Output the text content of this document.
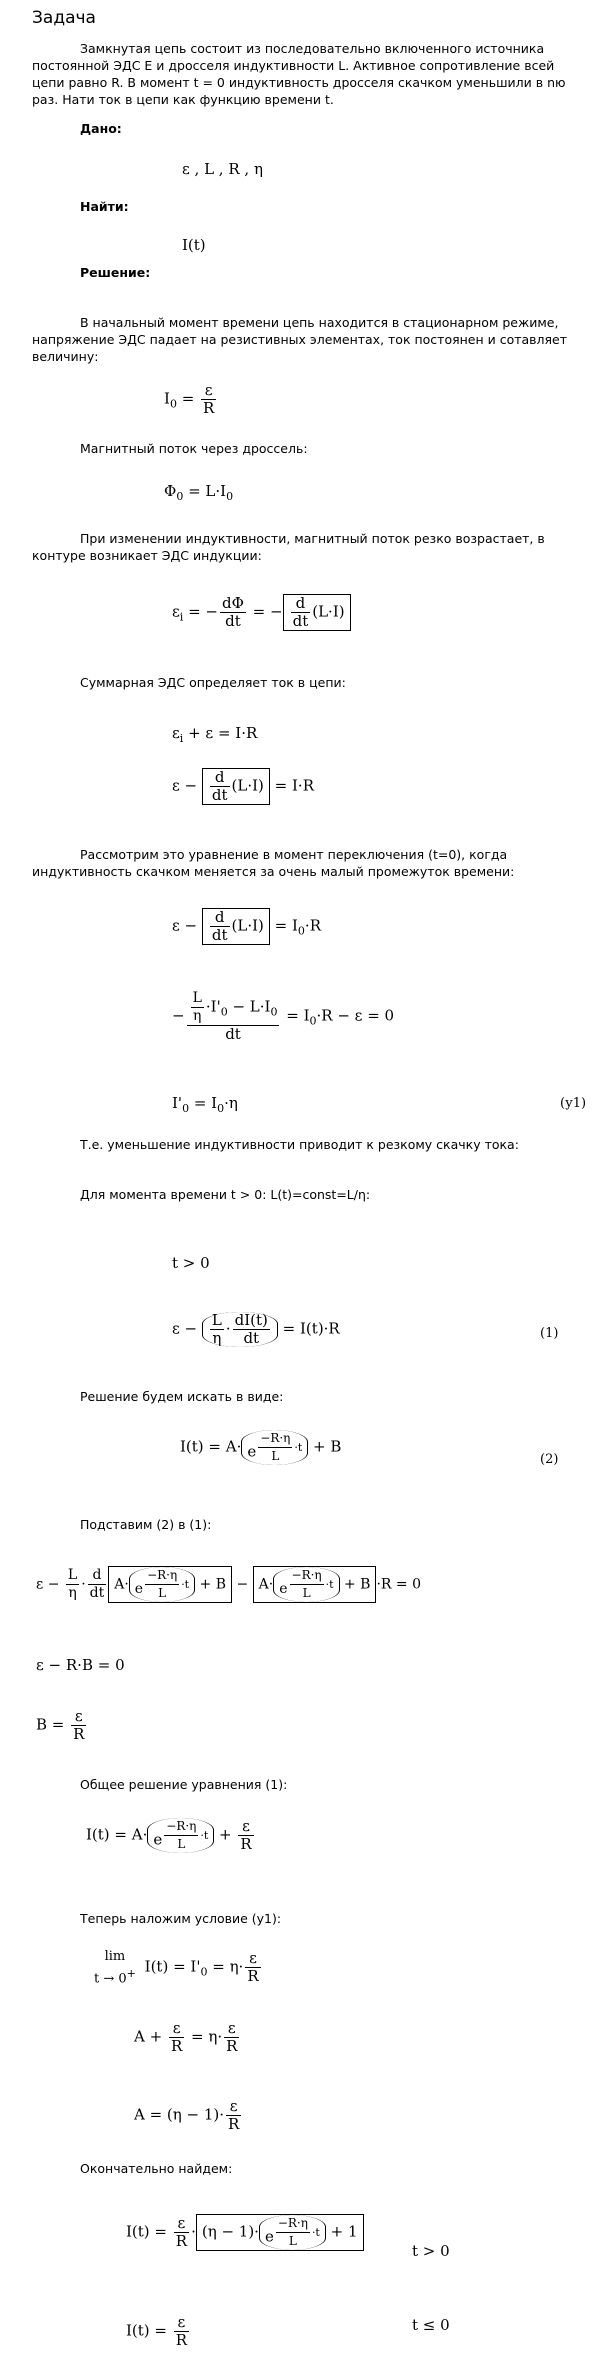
Задача
Замкнутая цепь состоит из последовательно включенного источника постоянной ЭДС E и дросселя индуктивности L. Активное сопротивление всей цепи равно R. В момент t = 0 индуктивность дросселя скачком уменьшили в nю раз. Нати ток в цепи как функцию времени t.
Дано:
ε , L , R , η
Найти:
I(t)
Решение:
В начальный момент времени цепь находится в стационарном режиме, напряжение ЭДС падает на резистивных элементах, ток постоянен и сотавляет величину:
$I_0 = \frac{\varepsilon}{R}$
Магнитный поток через дроссель:
$\Phi_0 = L\cdot I_0$
При изменении индуктивности, магнитный поток резко возрастает, в контуре возникает ЭДС индукции:
$\varepsilon_i$ = − $\frac{d\Phi}{dt}$ = − $\frac{d}{dt} (L\cdot I)$
Суммарная ЭДС определяет ток в цепи:
$\varepsilon_i + \varepsilon = I\cdot R$
$\varepsilon - \frac{d}{dt} (L\cdot I) = I\cdot R$
Рассмотрим это уравнение в момент переключения (t=0), когда индуктивность скачком меняется за очень малый промежуток времени:
$\varepsilon - \frac{d}{dt} (L\cdot I) = I_0\cdot R$
− $\frac{\frac{L}{\eta} \cdot I'_0 - L\cdot I_0}{dt} = I_0\cdot R - \varepsilon = 0$
$I'_0 = I_0\cdot\eta$	(у1)
Т.е. уменьшение индуктивности приводит к резкому скачку тока:
Для момента времени t > 0: L(t)=const=L/η:
t > 0
$\varepsilon - \frac{L}{\eta} \cdot \frac{dI(t)}{dt} = I(t)\cdot R$	(1)
Решение будем искать в виде:
I(t) = A· e $^{\frac{-R\cdot\eta}{L} \cdot t}$ + B
(2)
Подставим (2) в (1):
$\varepsilon - \frac{L}{\eta} \cdot \frac{d}{dt} A\cdot e$ $^{\frac{-R\cdot\eta}{L} \cdot t}$ + B − A· e $^{\frac{-R\cdot\eta}{L} \cdot t}$ + B ·R = 0
ε − R·B = 0
$B = \frac{\varepsilon}{R}$
Общее решение уравнения (1):
I(t) = A· e $^{\frac{-R\cdot\eta}{L} \cdot t} + \frac{\varepsilon}{R}$
Теперь наложим условие (у1):
lim
t → 0+ $I(t) = I'_0 = \eta\cdot \frac{\varepsilon}{R}$
$A + \frac{\varepsilon}{R} = \eta\cdot \frac{\varepsilon}{R}$
$A = (\eta - 1)\cdot \frac{\varepsilon}{R}$
Окончательно найдем:
$I(t) = \frac{\varepsilon}{R} \cdot (\eta - 1)\cdot e$ $^{\frac{-R\cdot\eta}{L} \cdot t}$ + 1
t > 0
$I(t) = \frac{\varepsilon}{R}$	t ≤ 0
